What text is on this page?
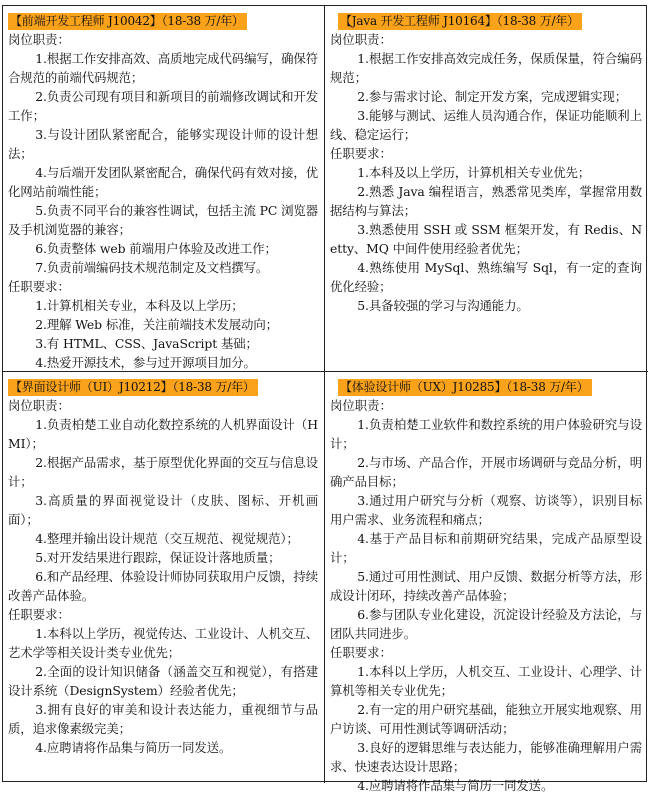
【前端开发工程师 J10042】（18-38 万/年）

岗位职责：

1.根据工作安排高效、高质地完成代码编写，确保符合规范的前端代码规范；

2.负责公司现有项目和新项目的前端修改调试和开发工作；

3.与设计团队紧密配合，能够实现设计师的设计想法；

4.与后端开发团队紧密配合，确保代码有效对接，优化网站前端性能；

5.负责不同平台的兼容性调试，包括主流 PC 浏览器及手机浏览器的兼容；

6.负责整体 web 前端用户体验及改进工作；

7.负责前端编码技术规范制定及文档撰写。

任职要求：

1.计算机相关专业，本科及以上学历；

2.理解 Web 标准，关注前端技术发展动向；

3.有 HTML、CSS、JavaScript 基础；

4.热爱开源技术，参与过开源项目加分。

【Java 开发工程师 J10164】（18-38 万/年）

岗位职责：

1.根据工作安排高效完成任务，保质保量，符合编码规范；

2.参与需求讨论、制定开发方案，完成逻辑实现；

3.能够与测试、运维人员沟通合作，保证功能顺利上线、稳定运行；

任职要求：

1.本科及以上学历，计算机相关专业优先；

2.熟悉 Java 编程语言，熟悉常见类库，掌握常用数据结构与算法；

3.熟悉使用 SSH 或 SSM 框架开发，有 Redis、Netty、MQ 中间件使用经验者优先；

4.熟练使用 MySql、熟练编写 Sql，有一定的查询优化经验；

5.具备较强的学习与沟通能力。

【界面设计师（UI）J10212】（18-38 万/年）

岗位职责：

1.负责柏楚工业自动化数控系统的人机界面设计（HMI）；

2.根据产品需求，基于原型优化界面的交互与信息设计；

3.高质量的界面视觉设计（皮肤、图标、开机画面）；

4.整理并输出设计规范（交互规范、视觉规范）；

5.对开发结果进行跟踪，保证设计落地质量；

6.和产品经理、体验设计师协同获取用户反馈，持续改善产品体验。

任职要求：

1.本科以上学历，视觉传达、工业设计、人机交互、艺术学等相关设计类专业优先；

2.全面的设计知识储备（涵盖交互和视觉），有搭建设计系统（DesignSystem）经验者优先；

3.拥有良好的审美和设计表达能力，重视细节与品质，追求像素级完美；

4.应聘请将作品集与简历一同发送。

【体验设计师（UX）J10285】（18-38 万/年）

岗位职责：

1.负责柏楚工业软件和数控系统的用户体验研究与设计；

2.与市场、产品合作，开展市场调研与竞品分析，明确产品目标；

3.通过用户研究与分析（观察、访谈等），识别目标用户需求、业务流程和痛点；

4.基于产品目标和前期研究结果，完成产品原型设计；

5.通过可用性测试、用户反馈、数据分析等方法，形成设计闭环，持续改善产品体验；

6.参与团队专业化建设，沉淀设计经验及方法论，与团队共同进步。

任职要求：

1.本科以上学历，人机交互、工业设计、心理学、计算机等相关专业优先；

2.有一定的用户研究基础，能独立开展实地观察、用户访谈、可用性测试等调研活动；

3.良好的逻辑思维与表达能力，能够准确理解用户需求、快速表达设计思路；

4.应聘请将作品集与简历一同发送。
